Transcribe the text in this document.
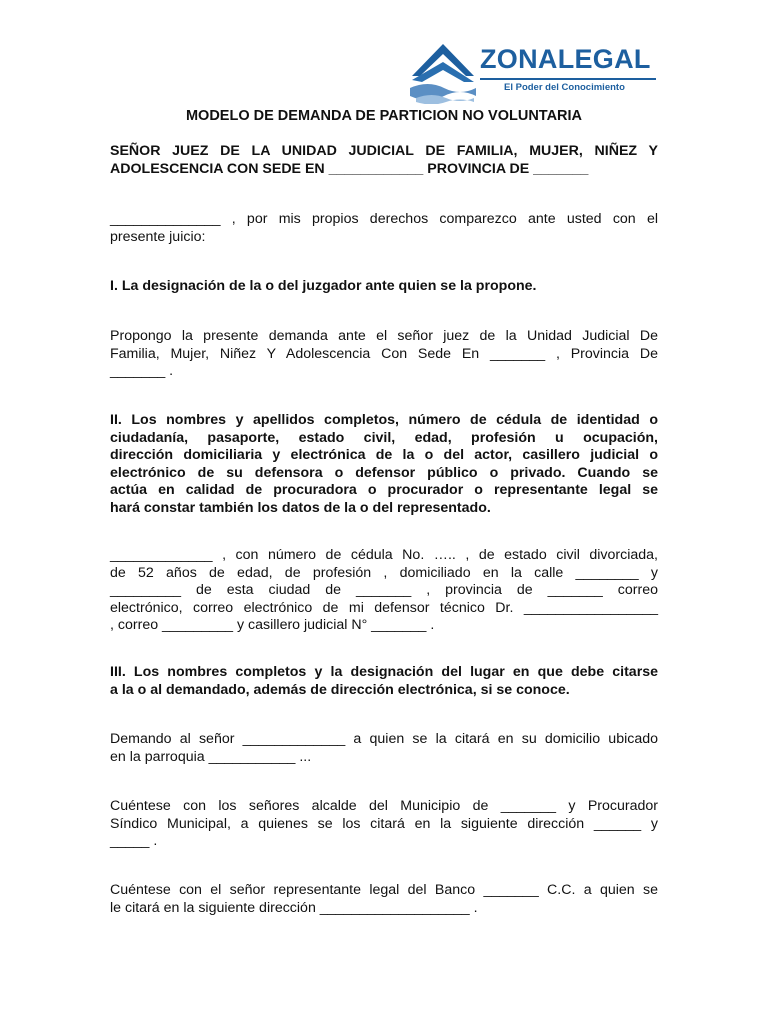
ZONALEGAL
El Poder del Conocimiento
MODELO DE DEMANDA DE PARTICION NO VOLUNTARIA
SEÑOR JUEZ DE LA UNIDAD JUDICIAL DE FAMILIA, MUJER, NIÑEZ Y
ADOLESCENCIA CON SEDE EN ____________ PROVINCIA DE _______
______________ , por mis propios derechos comparezco ante usted con el
presente juicio:
I. La designación de la o del juzgador ante quien se la propone.
Propongo la presente demanda ante el señor juez de la Unidad Judicial De
Familia, Mujer, Niñez Y Adolescencia Con Sede En _______ , Provincia De
_______ .
II. Los nombres y apellidos completos, número de cédula de identidad o
ciudadanía, pasaporte, estado civil, edad, profesión u ocupación,
dirección domiciliaria y electrónica de la o del actor, casillero judicial o
electrónico de su defensora o defensor público o privado. Cuando se
actúa en calidad de procuradora o procurador o representante legal se
hará constar también los datos de la o del representado.
_____________ , con número de cédula No. ….. , de estado civil divorciada,
de 52 años de edad, de profesión , domiciliado en la calle ________ y
_________ de esta ciudad de _______ , provincia de _______ correo
electrónico, correo electrónico de mi defensor técnico Dr. _________________
, correo _________ y casillero judicial N° _______ .
III. Los nombres completos y la designación del lugar en que debe citarse
a la o al demandado, además de dirección electrónica, si se conoce.
Demando al señor _____________ a quien se la citará en su domicilio ubicado
en la parroquia ___________ ...
Cuéntese con los señores alcalde del Municipio de _______ y Procurador
Síndico Municipal, a quienes se los citará en la siguiente dirección ______ y
_____ .
Cuéntese con el señor representante legal del Banco _______ C.C. a quien se
le citará en la siguiente dirección ___________________ .
